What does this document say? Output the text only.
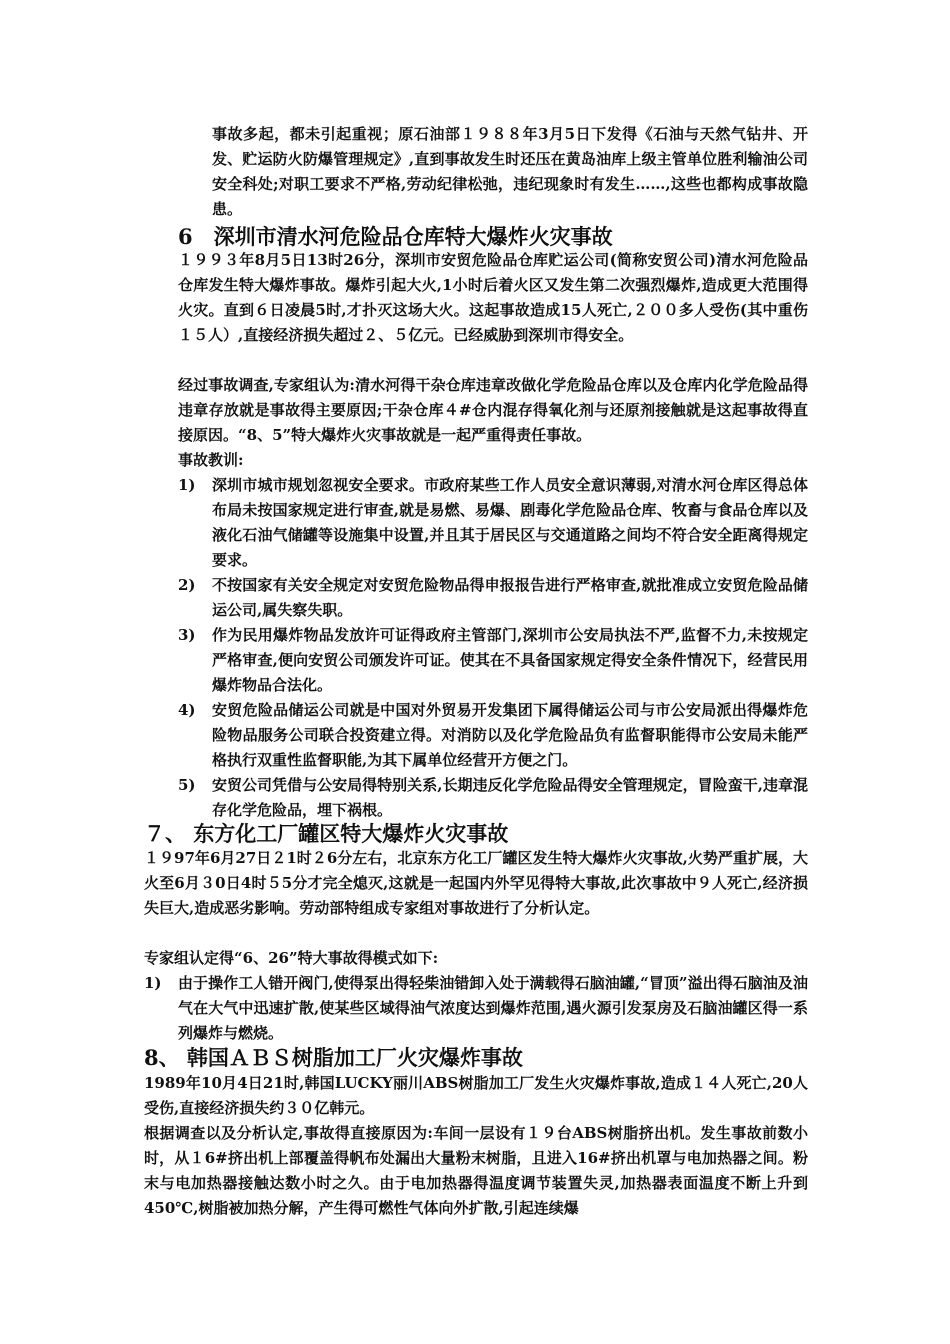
事故多起，都未引起重视；原石油部１９８８年3月5日下发得《石油与天然气钻井、开发、贮运防火防爆管理规定》,直到事故发生时还压在黄岛油库上级主管单位胜利输油公司安全科处;对职工要求不严格,劳动纪律松弛，违纪现象时有发生……,这些也都构成事故隐患。

6　深圳市清水河危险品仓库特大爆炸火灾事故

１９９３年8月5日13时26分，深圳市安贸危险品仓库贮运公司(简称安贸公司)清水河危险品仓库发生特大爆炸事故。爆炸引起大火,1小时后着火区又发生第二次强烈爆炸,造成更大范围得火灾。直到６日凌晨5时,才扑灭这场大火。这起事故造成15人死亡,２００多人受伤(其中重伤１５人）,直接经济损失超过２、５亿元。已经威胁到深圳市得安全。

经过事故调查,专家组认为:清水河得干杂仓库违章改做化学危险品仓库以及仓库内化学危险品得违章存放就是事故得主要原因;干杂仓库４#仓内混存得氧化剂与还原剂接触就是这起事故得直接原因。“8、5”特大爆炸火灾事故就是一起严重得责任事故。

事故教训:

1) 深圳市城市规划忽视安全要求。市政府某些工作人员安全意识薄弱,对清水河仓库区得总体布局未按国家规定进行审查,就是易燃、易爆、剧毒化学危险品仓库、牧畜与食品仓库以及液化石油气储罐等设施集中设置,并且其于居民区与交通道路之间均不符合安全距离得规定要求。

2) 不按国家有关安全规定对安贸危险物品得申报报告进行严格审查,就批准成立安贸危险品储运公司,属失察失职。

3) 作为民用爆炸物品发放许可证得政府主管部门,深圳市公安局执法不严,监督不力,未按规定严格审查,便向安贸公司颁发许可证。使其在不具备国家规定得安全条件情况下，经营民用爆炸物品合法化。

4) 安贸危险品储运公司就是中国对外贸易开发集团下属得储运公司与市公安局派出得爆炸危险物品服务公司联合投资建立得。对消防以及化学危险品负有监督职能得市公安局未能严格执行双重性监督职能,为其下属单位经营开方便之门。

5) 安贸公司凭借与公安局得特别关系,长期违反化学危险品得安全管理规定，冒险蛮干,违章混存化学危险品，埋下祸根。

７、 东方化工厂罐区特大爆炸火灾事故

１９97年6月27日２1时２6分左右，北京东方化工厂罐区发生特大爆炸火灾事故,火势严重扩展，大火至6月３0日4时５5分才完全熄灭,这就是一起国内外罕见得特大事故,此次事故中９人死亡,经济损失巨大,造成恶劣影响。劳动部特组成专家组对事故进行了分析认定。

专家组认定得“6、26”特大事故得模式如下:

1) 由于操作工人错开阀门,使得泵出得轻柴油错卸入处于满载得石脑油罐,“冒顶”溢出得石脑油及油气在大气中迅速扩散,使某些区域得油气浓度达到爆炸范围,遇火源引发泵房及石脑油罐区得一系列爆炸与燃烧。

8、 韩国ＡＢＳ树脂加工厂火灾爆炸事故

1989年10月4日21时,韩国LUCKY丽川ABS树脂加工厂发生火灾爆炸事故,造成１４人死亡,20人受伤,直接经济损失约３０亿韩元。

根据调查以及分析认定,事故得直接原因为:车间一层设有１９台ABS树脂挤出机。发生事故前数小时，从１6#挤出机上部覆盖得帆布处漏出大量粉末树脂，且进入16#挤出机罩与电加热器之间。粉末与电加热器接触达数小时之久。由于电加热器得温度调节装置失灵,加热器表面温度不断上升到450℃,树脂被加热分解，产生得可燃性气体向外扩散,引起连续爆
